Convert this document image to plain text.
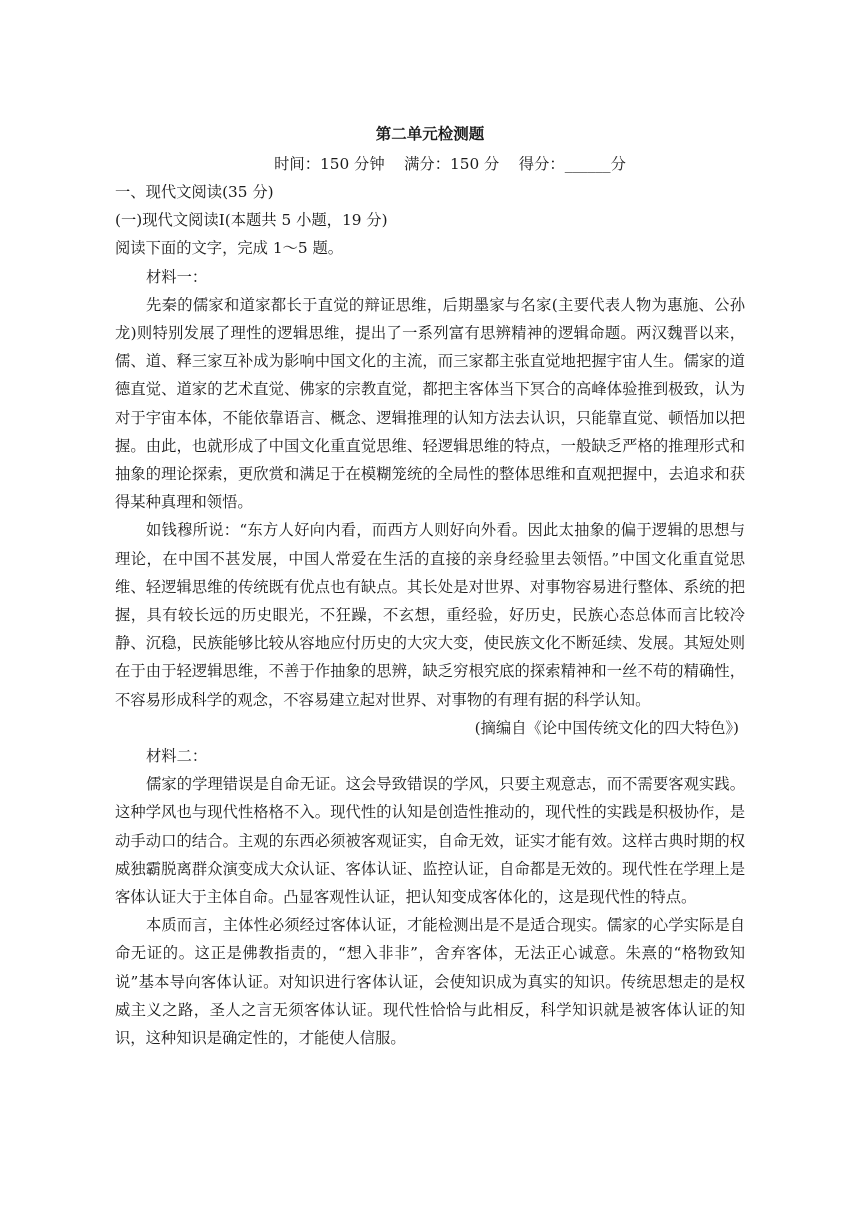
第二单元检测题
时间：150 分钟    满分：150 分    得分：______分

一、现代文阅读(35 分)

(一)现代文阅读Ⅰ(本题共 5 小题，19 分)

阅读下面的文字，完成 1～5 题。

材料一：

先秦的儒家和道家都长于直觉的辩证思维，后期墨家与名家(主要代表人物为惠施、公孙龙)则特别发展了理性的逻辑思维，提出了一系列富有思辨精神的逻辑命题。两汉魏晋以来，儒、道、释三家互补成为影响中国文化的主流，而三家都主张直觉地把握宇宙人生。儒家的道德直觉、道家的艺术直觉、佛家的宗教直觉，都把主客体当下冥合的高峰体验推到极致，认为对于宇宙本体，不能依靠语言、概念、逻辑推理的认知方法去认识，只能靠直觉、顿悟加以把握。由此，也就形成了中国文化重直觉思维、轻逻辑思维的特点，一般缺乏严格的推理形式和抽象的理论探索，更欣赏和满足于在模糊笼统的全局性的整体思维和直观把握中，去追求和获得某种真理和领悟。

如钱穆所说：“东方人好向内看，而西方人则好向外看。因此太抽象的偏于逻辑的思想与理论，在中国不甚发展，中国人常爱在生活的直接的亲身经验里去领悟。”中国文化重直觉思维、轻逻辑思维的传统既有优点也有缺点。其长处是对世界、对事物容易进行整体、系统的把握，具有较长远的历史眼光，不狂躁，不玄想，重经验，好历史，民族心态总体而言比较冷静、沉稳，民族能够比较从容地应付历史的大灾大变，使民族文化不断延续、发展。其短处则在于由于轻逻辑思维，不善于作抽象的思辨，缺乏穷根究底的探索精神和一丝不苟的精确性，不容易形成科学的观念，不容易建立起对世界、对事物的有理有据的科学认知。

(摘编自《论中国传统文化的四大特色》)

材料二：

儒家的学理错误是自命无证。这会导致错误的学风，只要主观意志，而不需要客观实践。这种学风也与现代性格格不入。现代性的认知是创造性推动的，现代性的实践是积极协作，是动手动口的结合。主观的东西必须被客观证实，自命无效，证实才能有效。这样古典时期的权威独霸脱离群众演变成大众认证、客体认证、监控认证，自命都是无效的。现代性在学理上是客体认证大于主体自命。凸显客观性认证，把认知变成客体化的，这是现代性的特点。

本质而言，主体性必须经过客体认证，才能检测出是不是适合现实。儒家的心学实际是自命无证的。这正是佛教指责的，“想入非非”，舍弃客体，无法正心诚意。朱熹的“格物致知说”基本导向客体认证。对知识进行客体认证，会使知识成为真实的知识。传统思想走的是权威主义之路，圣人之言无须客体认证。现代性恰恰与此相反，科学知识就是被客体认证的知识，这种知识是确定性的，才能使人信服。
